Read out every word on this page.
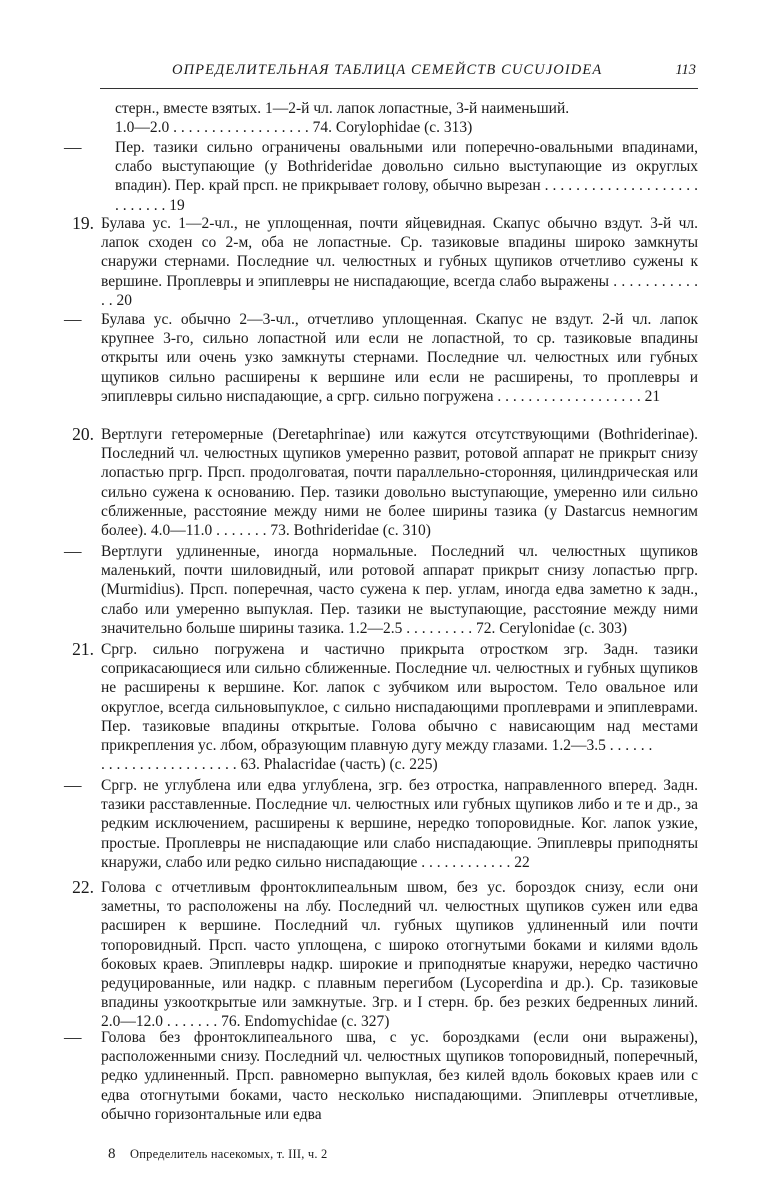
ОПРЕДЕЛИТЕЛЬНАЯ ТАБЛИЦА СЕМЕЙСТВ CUCUJOIDEA	113

стерн., вместе взятых. 1—2-й чл. лапок лопастные, 3-й наименьший.
1.0—2.0 . . . . . . . . . . . . . . . . . . 74. Corylophidae (с. 313)

—	Пер. тазики сильно ограничены овальными или поперечно-овальными впадинами, слабо выступающие (у Bothrideridae довольно сильно выступающие из округлых впадин). Пер. край прсп. не прикрывает голову, обычно вырезан . . . . . . . . . . . . . . . . . . . . . . . . . . . 19

19. Булава ус. 1—2-чл., не уплощенная, почти яйцевидная. Скапус обычно вздут. 3-й чл. лапок сходен со 2-м, оба не лопастные. Ср. тазиковые впадины широко замкнуты снаружи стернами. Последние чл. челюстных и губных щупиков отчетливо сужены к вершине. Проплевры и эпиплевры не ниспадающие, всегда слабо выражены . . . . . . . . . . . . . 20

—	Булава ус. обычно 2—3-чл., отчетливо уплощенная. Скапус не вздут. 2-й чл. лапок крупнее 3-го, сильно лопастной или если не лопастной, то ср. тазиковые впадины открыты или очень узко замкнуты стернами. Последние чл. челюстных или губных щупиков сильно расширены к вершине или если не расширены, то проплевры и эпиплевры сильно ниспадающие, а сргр. сильно погружена . . . . . . . . . . . . . . . . . . . 21

20. Вертлуги гетеромерные (Deretaphrinae) или кажутся отсутствующими (Bothriderinae). Последний чл. челюстных щупиков умеренно развит, ротовой аппарат не прикрыт снизу лопастью пргр. Прсп. продолговатая, почти параллельно-сторонняя, цилиндрическая или сильно сужена к основанию. Пер. тазики довольно выступающие, умеренно или сильно сближенные, расстояние между ними не более ширины тазика (у Dastarcus немногим более). 4.0—11.0 . . . . . . . 73. Bothrideridae (с. 310)

—	Вертлуги удлиненные, иногда нормальные. Последний чл. челюстных щупиков маленький, почти шиловидный, или ротовой аппарат прикрыт снизу лопастью пргр. (Murmidius). Прсп. поперечная, часто сужена к пер. углам, иногда едва заметно к задн., слабо или умеренно выпуклая. Пер. тазики не выступающие, расстояние между ними значительно больше ширины тазика. 1.2—2.5 . . . . . . . . . 72. Cerylonidae (с. 303)

21. Сргр. сильно погружена и частично прикрыта отростком згр. Задн. тазики соприкасающиеся или сильно сближенные. Последние чл. челюстных и губных щупиков не расширены к вершине. Ког. лапок с зубчиком или выростом. Тело овальное или округлое, всегда сильновыпуклое, с сильно ниспадающими проплеврами и эпиплеврами. Пер. тазиковые впадины открытые. Голова обычно с нависающим над местами прикрепления ус. лбом, образующим плавную дугу между глазами. 1.2—3.5 . . . . . .
. . . . . . . . . . . . . . . . . . 63. Phalacridae (часть) (с. 225)

—	Сргр. не углублена или едва углублена, згр. без отростка, направленного вперед. Задн. тазики расставленные. Последние чл. челюстных или губных щупиков либо и те и др., за редким исключением, расширены к вершине, нередко топоровидные. Ког. лапок узкие, простые. Проплевры не ниспадающие или слабо ниспадающие. Эпиплевры приподняты кнаружи, слабо или редко сильно ниспадающие . . . . . . . . . . . . 22

22. Голова с отчетливым фронтоклипеальным швом, без ус. бороздок снизу, если они заметны, то расположены на лбу. Последний чл. челюстных щупиков сужен или едва расширен к вершине. Последний чл. губных щупиков удлиненный или почти топоровидный. Прсп. часто уплощена, с широко отогнутыми боками и килями вдоль боковых краев. Эпиплевры надкр. широкие и приподнятые кнаружи, нередко частично редуцированные, или надкр. с плавным перегибом (Lycoperdina и др.). Ср. тазиковые впадины узкооткрытые или замкнутые. Згр. и I стерн. бр. без резких бедренных линий. 2.0—12.0 . . . . . . . 76. Endomychidae (с. 327)

—	Голова без фронтоклипеального шва, с ус. бороздками (если они выражены), расположенными снизу. Последний чл. челюстных щупиков топоровидный, поперечный, редко удлиненный. Прсп. равномерно выпуклая, без килей вдоль боковых краев или с едва отогнутыми боками, часто несколько ниспадающими. Эпиплевры отчетливые, обычно горизонтальные или едва

8 Определитель насекомых, т. III, ч. 2
